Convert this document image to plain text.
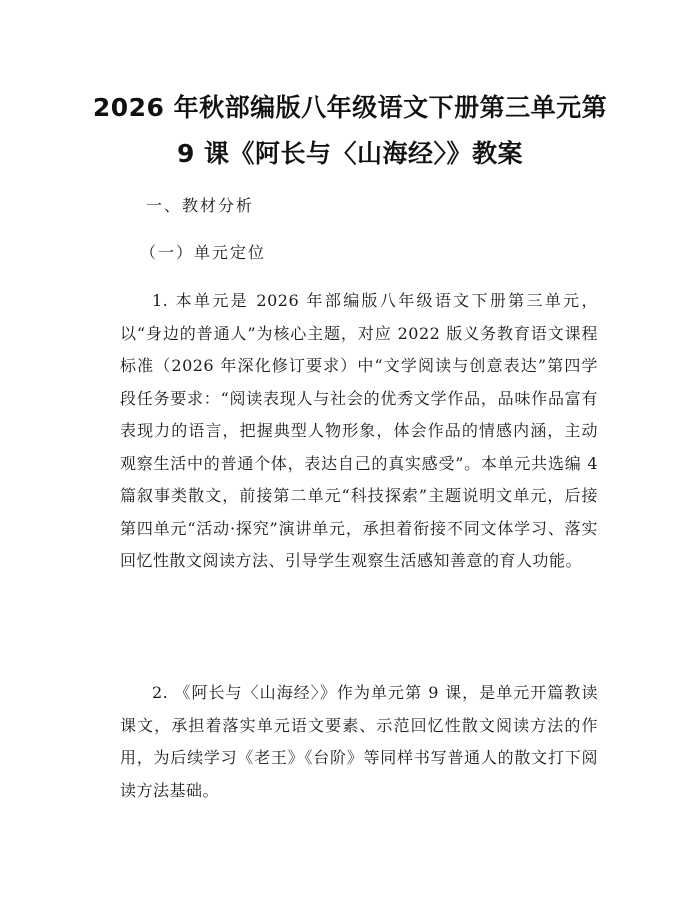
2026 年秋部编版八年级语文下册第三单元第
9 课《阿长与〈山海经〉》教案
一、教材分析
（一）单元定位
1. 本单元是 2026 年部编版八年级语文下册第三单元，以“身边的普通人”为核心主题，对应 2022 版义务教育语文课程标准（2026 年深化修订要求）中“文学阅读与创意表达”第四学段任务要求：“阅读表现人与社会的优秀文学作品，品味作品富有表现力的语言，把握典型人物形象，体会作品的情感内涵，主动观察生活中的普通个体，表达自己的真实感受”。本单元共选编 4 篇叙事类散文，前接第二单元“科技探索”主题说明文单元，后接第四单元“活动·探究”演讲单元，承担着衔接不同文体学习、落实回忆性散文阅读方法、引导学生观察生活感知善意的育人功能。
2. 《阿长与〈山海经〉》作为单元第 9 课，是单元开篇教读课文，承担着落实单元语文要素、示范回忆性散文阅读方法的作用，为后续学习《老王》《台阶》等同样书写普通人的散文打下阅读方法基础。
